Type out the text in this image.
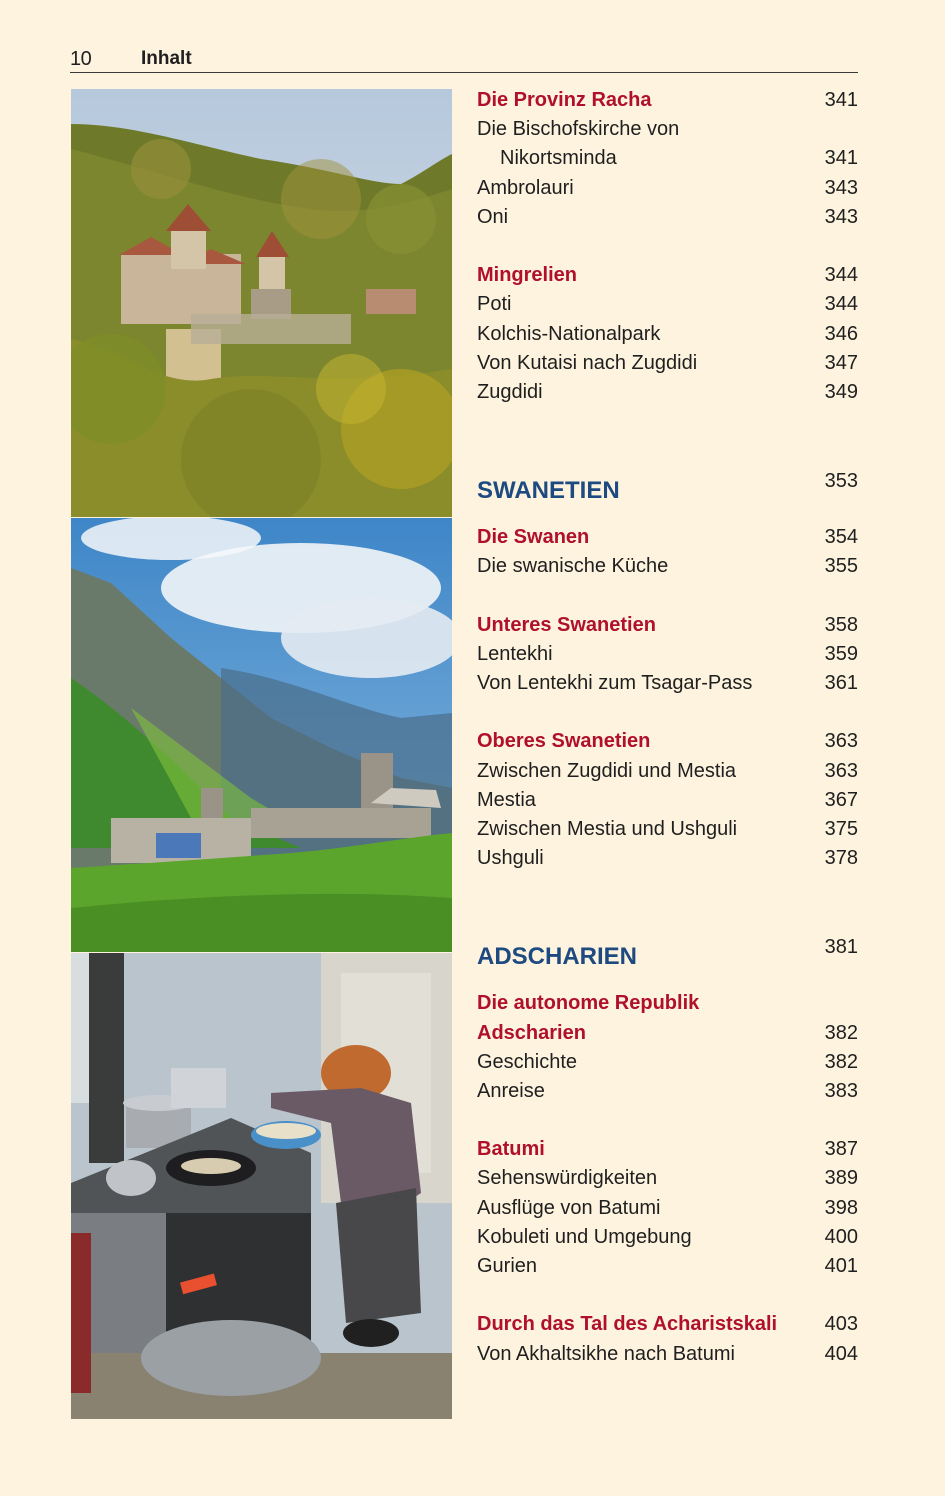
10	Inhalt
Die Provinz Racha	341
Die Bischofskirche von
Nikortsminda	341
Ambrolauri	343
Oni	343
Mingrelien	344
Poti	344
Kolchis-Nationalpark	346
Von Kutaisi nach Zugdidi	347
Zugdidi	349
SWANETIEN	353
Die Swanen	354
Die swanische Küche	355
Unteres Swanetien	358
Lentekhi	359
Von Lentekhi zum Tsagar-Pass	361
Oberes Swanetien	363
Zwischen Zugdidi und Mestia	363
Mestia	367
Zwischen Mestia und Ushguli	375
Ushguli	378
ADSCHARIEN	381
Die autonome Republik
Adscharien	382
Geschichte	382
Anreise	383
Batumi	387
Sehenswürdigkeiten	389
Ausflüge von Batumi	398
Kobuleti und Umgebung	400
Gurien	401
Durch das Tal des Acharistskali 403
Von Akhaltsikhe nach Batumi	404
